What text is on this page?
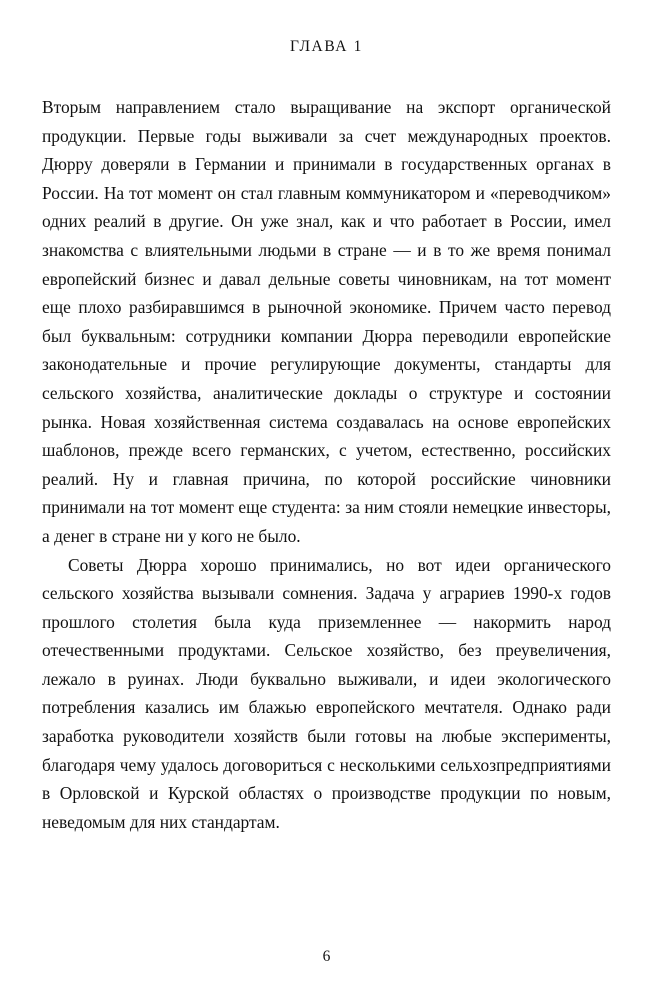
ГЛАВА 1

Вторым направлением стало выращивание на экспорт органической продукции. Первые годы выживали за счет международных проектов. Дюрру доверяли в Германии и принимали в государственных органах в России. На тот момент он стал главным коммуникатором и «переводчиком» одних реалий в другие. Он уже знал, как и что работает в России, имел знакомства с влиятельными людьми в стране — и в то же время понимал европейский бизнес и давал дельные советы чиновникам, на тот момент еще плохо разбиравшимся в рыночной экономике. Причем часто перевод был буквальным: сотрудники компании Дюрра переводили европейские законодательные и прочие регулирующие документы, стандарты для сельского хозяйства, аналитические доклады о структуре и состоянии рынка. Новая хозяйственная система создавалась на основе европейских шаблонов, прежде всего германских, с учетом, естественно, российских реалий. Ну и главная причина, по которой российские чиновники принимали на тот момент еще студента: за ним стояли немецкие инвесторы, а денег в стране ни у кого не было.

Советы Дюрра хорошо принимались, но вот идеи органического сельского хозяйства вызывали сомнения. Задача у аграриев 1990-х годов прошлого столетия была куда приземленнее — накормить народ отечественными продуктами. Сельское хозяйство, без преувеличения, лежало в руинах. Люди буквально выживали, и идеи экологического потребления казались им блажью европейского мечтателя. Однако ради заработка руководители хозяйств были готовы на любые эксперименты, благодаря чему удалось договориться с несколькими сельхозпредприятиями в Орловской и Курской областях о производстве продукции по новым, неведомым для них стандартам.

6
